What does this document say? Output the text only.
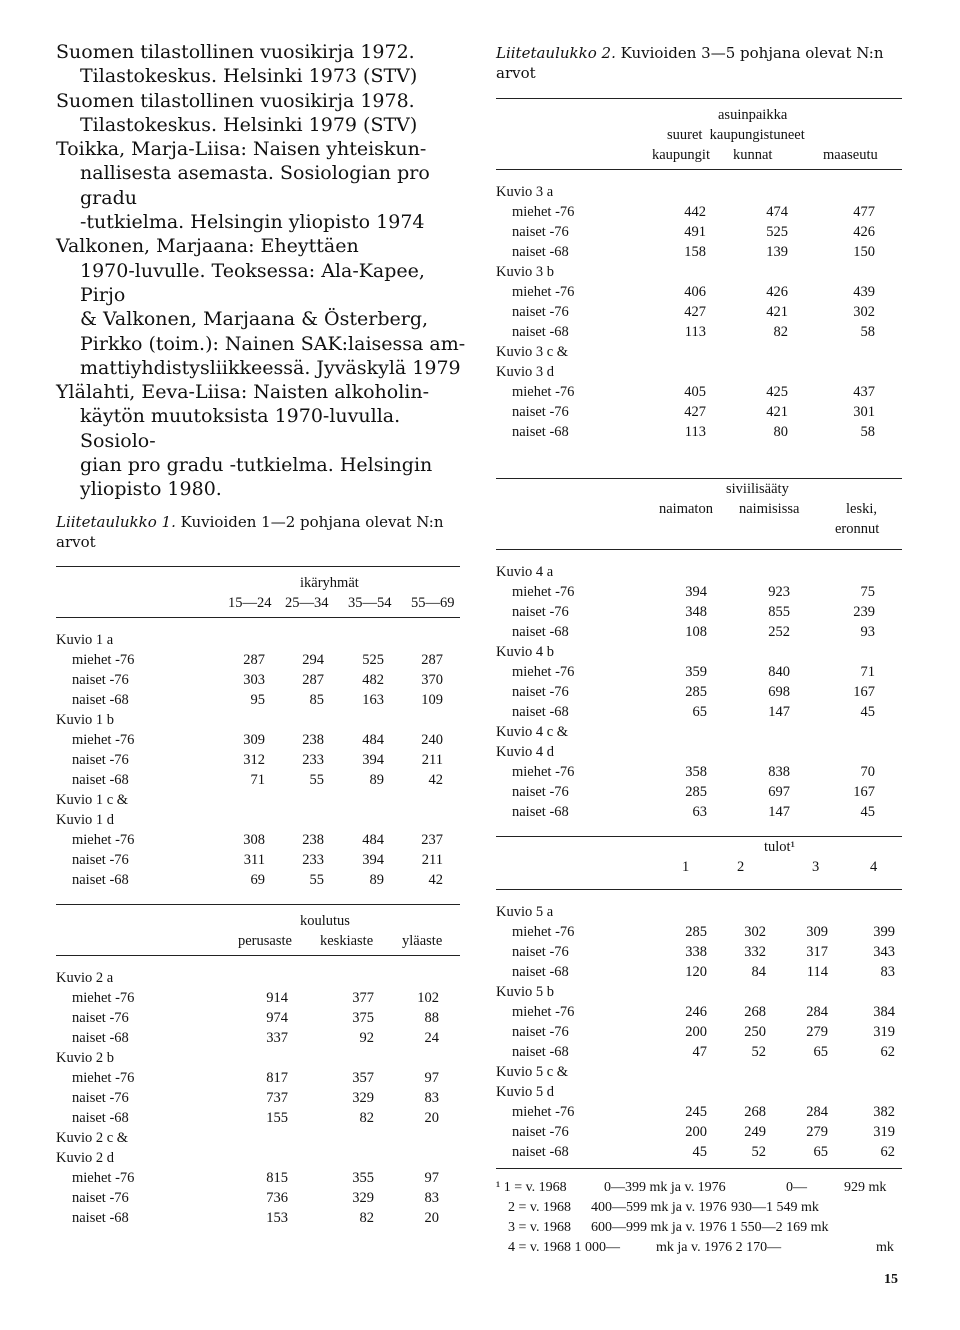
Suomen tilastollinen vuosikirja 1972.
Tilastokeskus. Helsinki 1973 (STV)

Suomen tilastollinen vuosikirja 1978.
Tilastokeskus. Helsinki 1979 (STV)

Toikka, Marja-Liisa: Naisen yhteiskun-
nallisesta asemasta. Sosiologian pro gradu
-tutkielma. Helsingin yliopisto 1974

Valkonen, Marjaana: Eheyttäen
1970-luvulle. Teoksessa: Ala-Kapee, Pirjo
& Valkonen, Marjaana & Österberg,
Pirkko (toim.): Nainen SAK:laisessa am-
mattiyhdistysliikkeessä. Jyväskylä 1979

Ylälahti, Eeva-Liisa: Naisten alkoholin-
käytön muutoksista 1970-luvulla. Sosiolo-
gian pro gradu -tutkielma. Helsingin
yliopisto 1980.

Liitetaulukko 1. Kuvioiden 1—2 pohjana olevat N:n
arvot
ikäryhmät
15—24 25—34 35—54 55—69
Kuvio 1 a
miehet -76	287	294	525	287
naiset -76	303	287	482	370
naiset -68	95	85	163	109
Kuvio 1 b
miehet -76	309	238	484	240
naiset -76	312	233	394	211
naiset -68	71	55	89	42
Kuvio 1 c &
Kuvio 1 d
miehet -76	308	238	484	237
naiset -76	311	233	394	211
naiset -68	69	55	89	42
koulutus
perusaste keskiaste yläaste
Kuvio 2 a
miehet -76	914	377	102
naiset -76	974	375	88
naiset -68	337	92	24
Kuvio 2 b
miehet -76	817	357	97
naiset -76	737	329	83
naiset -68	155	82	20
Kuvio 2 c &
Kuvio 2 d
miehet -76	815	355	97
naiset -76	736	329	83
naiset -68	153	82	20
Liitetaulukko 2. Kuvioiden 3—5 pohjana olevat N:n
arvot
asuinpaikka
suuret  kaupungistuneet
kaupungit kunnat	maaseutu
Kuvio 3 a
miehet -76	442	474	477
naiset -76	491	525	426
naiset -68	158	139	150
Kuvio 3 b
miehet -76	406	426	439
naiset -76	427	421	302
naiset -68	113	82	58
Kuvio 3 c &
Kuvio 3 d
miehet -76	405	425	437
naiset -76	427	421	301
naiset -68	113	80	58
siviilisääty
naimaton naimisissa	leski,
eronnut
Kuvio 4 a
miehet -76	394	923	75
naiset -76	348	855	239
naiset -68	108	252	93
Kuvio 4 b
miehet -76	359	840	71
naiset -76	285	698	167
naiset -68	65	147	45
Kuvio 4 c &
Kuvio 4 d
miehet -76	358	838	70
naiset -76	285	697	167
naiset -68	63	147	45
tulot¹
1	2	3	4
Kuvio 5 a
miehet -76	285	302	309	399
naiset -76	338	332	317	343
naiset -68	120	84	114	83
Kuvio 5 b
miehet -76	246	268	284	384
naiset -76	200	250	279	319
naiset -68	47	52	65	62
Kuvio 5 c &
Kuvio 5 d
miehet -76	245	268	284	382
naiset -76	200	249	279	319
naiset -68	45	52	65	62
¹ 1 = v. 1968	0—399 mk ja v. 1976	0—	929 mk
2 = v. 1968 400—599 mk ja v. 1976 930—1 549 mk
3 = v. 1968 600—999 mk ja v. 1976 1 550—2 169 mk
4 = v. 1968 1 000—	mk ja v. 1976 2 170—	mk
15
